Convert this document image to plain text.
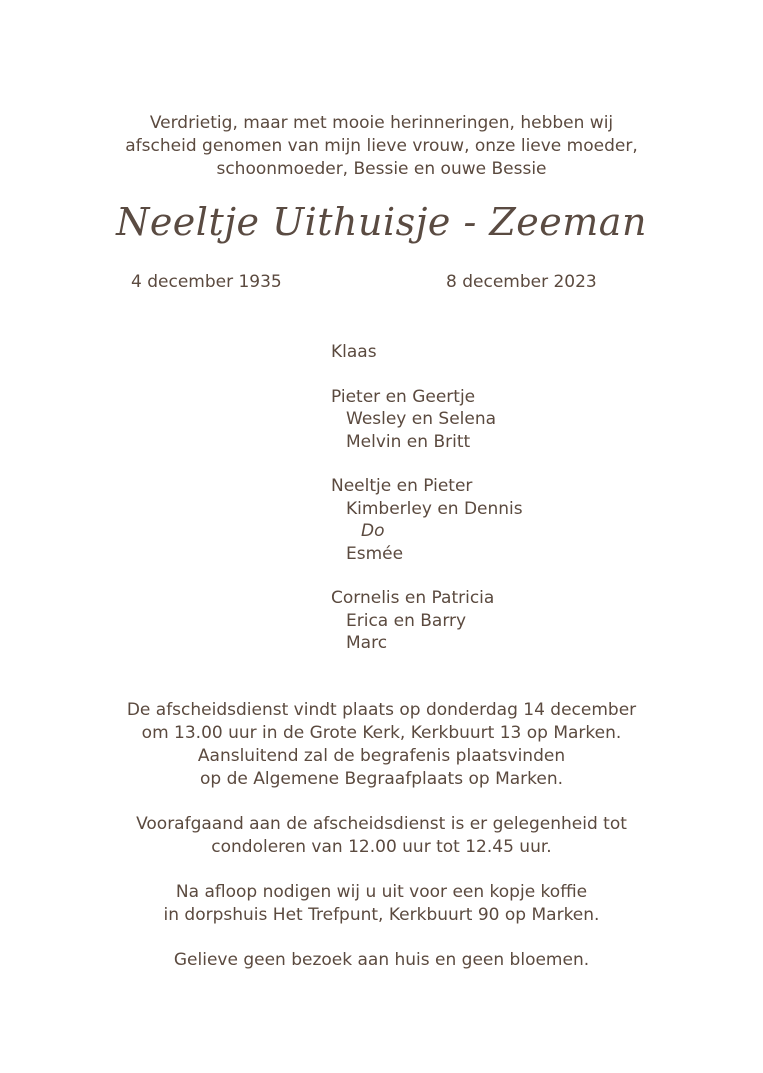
Verdrietig, maar met mooie herinneringen, hebben wij
afscheid genomen van mijn lieve vrouw, onze lieve moeder,
schoonmoeder, Bessie en ouwe Bessie
Neeltje Uithuisje - Zeeman
4 december 1935	8 december 2023
Klaas
Pieter en Geertje
Wesley en Selena
Melvin en Britt
Neeltje en Pieter
Kimberley en Dennis
Do
Esmée
Cornelis en Patricia
Erica en Barry
Marc
De afscheidsdienst vindt plaats op donderdag 14 december
om 13.00 uur in de Grote Kerk, Kerkbuurt 13 op Marken.
Aansluitend zal de begrafenis plaatsvinden
op de Algemene Begraafplaats op Marken.
Voorafgaand aan de afscheidsdienst is er gelegenheid tot
condoleren van 12.00 uur tot 12.45 uur.
Na afloop nodigen wij u uit voor een kopje koffie
in dorpshuis Het Trefpunt, Kerkbuurt 90 op Marken.
Gelieve geen bezoek aan huis en geen bloemen.
